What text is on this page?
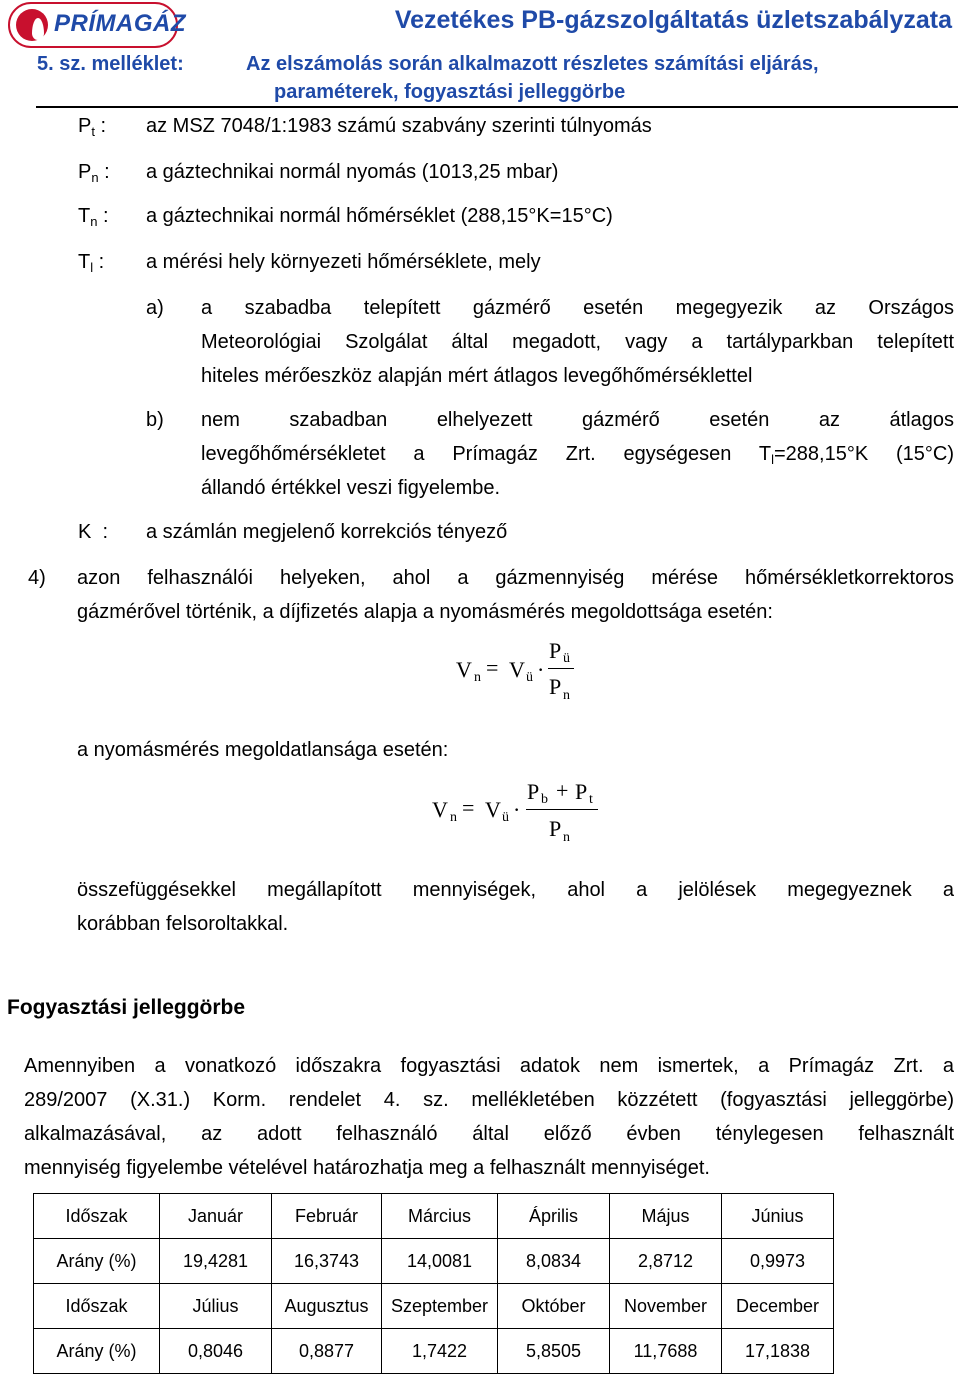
PRÍMAGÁZ	Vezetékes PB-gázszolgáltatás üzletszabályzata
5. sz. melléklet:	Az elszámolás során alkalmazott részletes számítási eljárás,
paraméterek, fogyasztási jelleggörbe
$P_t$ : az MSZ 7048/1:1983 számú szabvány szerinti túlnyomás
$P_n$ : a gáztechnikai normál nyomás (1013,25 mbar)
$T_n$ : a gáztechnikai normál hőmérséklet (288,15°K=15°C)
$T_l$ : a mérési hely környezeti hőmérséklete, mely
a) a szabadba telepített gázmérő esetén megegyezik az Országos
Meteorológiai Szolgálat által megadott, vagy a tartályparkban telepített
hiteles mérőeszköz alapján mért átlagos levegőhőmérséklettel
b) nem szabadban elhelyezett gázmérő esetén az átlagos
levegőhőmérsékletet a Prímagáz Zrt. egységesen $T_l=288,15^\circ K$ (15°C)
állandó értékkel veszi figyelembe.
K : a számlán megjelenő korrekciós tényező
4) azon felhasználói helyeken, ahol a gázmennyiség mérése hőmérsékletkorrektoros
gázmérővel történik, a díjfizetés alapja a nyomásmérés megoldottsága esetén:
V n = V ü ·
P ü
P n
a nyomásmérés megoldatlansága esetén:
V n = V ü ·
P b + P t
P n
összefüggésekkel megállapított mennyiségek, ahol a jelölések megegyeznek a
korábban felsoroltakkal.
Fogyasztási jelleggörbe
Amennyiben a vonatkozó időszakra fogyasztási adatok nem ismertek, a Prímagáz Zrt. a
289/2007 (X.31.) Korm. rendelet 4. sz. mellékletében közzétett (fogyasztási jelleggörbe)
alkalmazásával, az adott felhasználó által előző évben ténylegesen felhasznált
mennyiség figyelembe vételével határozhatja meg a felhasznált mennyiséget.
Időszak	Január	Február	Március	Április	Május	Június
Arány (%)	19,4281	16,3743	14,0081	8,0834	2,8712	0,9973
Időszak	Július	Augusztus	Szeptember	Október	November	December
Arány (%)	0,8046	0,8877	1,7422	5,8505	11,7688	17,1838
